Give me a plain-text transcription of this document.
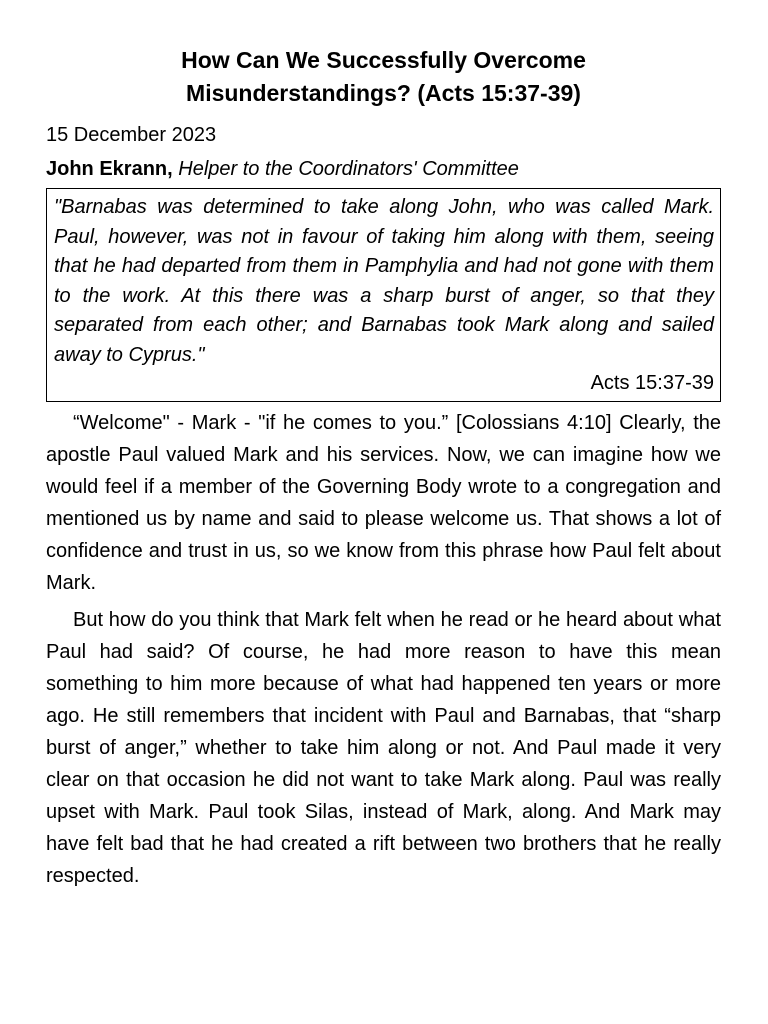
How Can We Successfully Overcome
Misunderstandings? (Acts 15:37-39)
15 December 2023
John Ekrann, Helper to the Coordinators' Committee

"Barnabas was determined to take along John, who was called Mark. Paul, however, was not in favour of taking him along with them, seeing that he had departed from them in Pamphylia and had not gone with them to the work. At this there was a sharp burst of anger, so that they separated from each other; and Barnabas took Mark along and sailed away to Cyprus."

Acts 15:37-39

“Welcome" - Mark - "if he comes to you.” [Colossians 4:10] Clearly, the apostle Paul valued Mark and his services. Now, we can imagine how we would feel if a member of the Governing Body wrote to a congregation and mentioned us by name and said to please welcome us. That shows a lot of confidence and trust in us, so we know from this phrase how Paul felt about Mark.

But how do you think that Mark felt when he read or he heard about what Paul had said? Of course, he had more reason to have this mean something to him more because of what had happened ten years or more ago. He still remembers that incident with Paul and Barnabas, that “sharp burst of anger,” whether to take him along or not. And Paul made it very clear on that occasion he did not want to take Mark along. Paul was really upset with Mark. Paul took Silas, instead of Mark, along. And Mark may have felt bad that he had created a rift between two brothers that he really respected.
